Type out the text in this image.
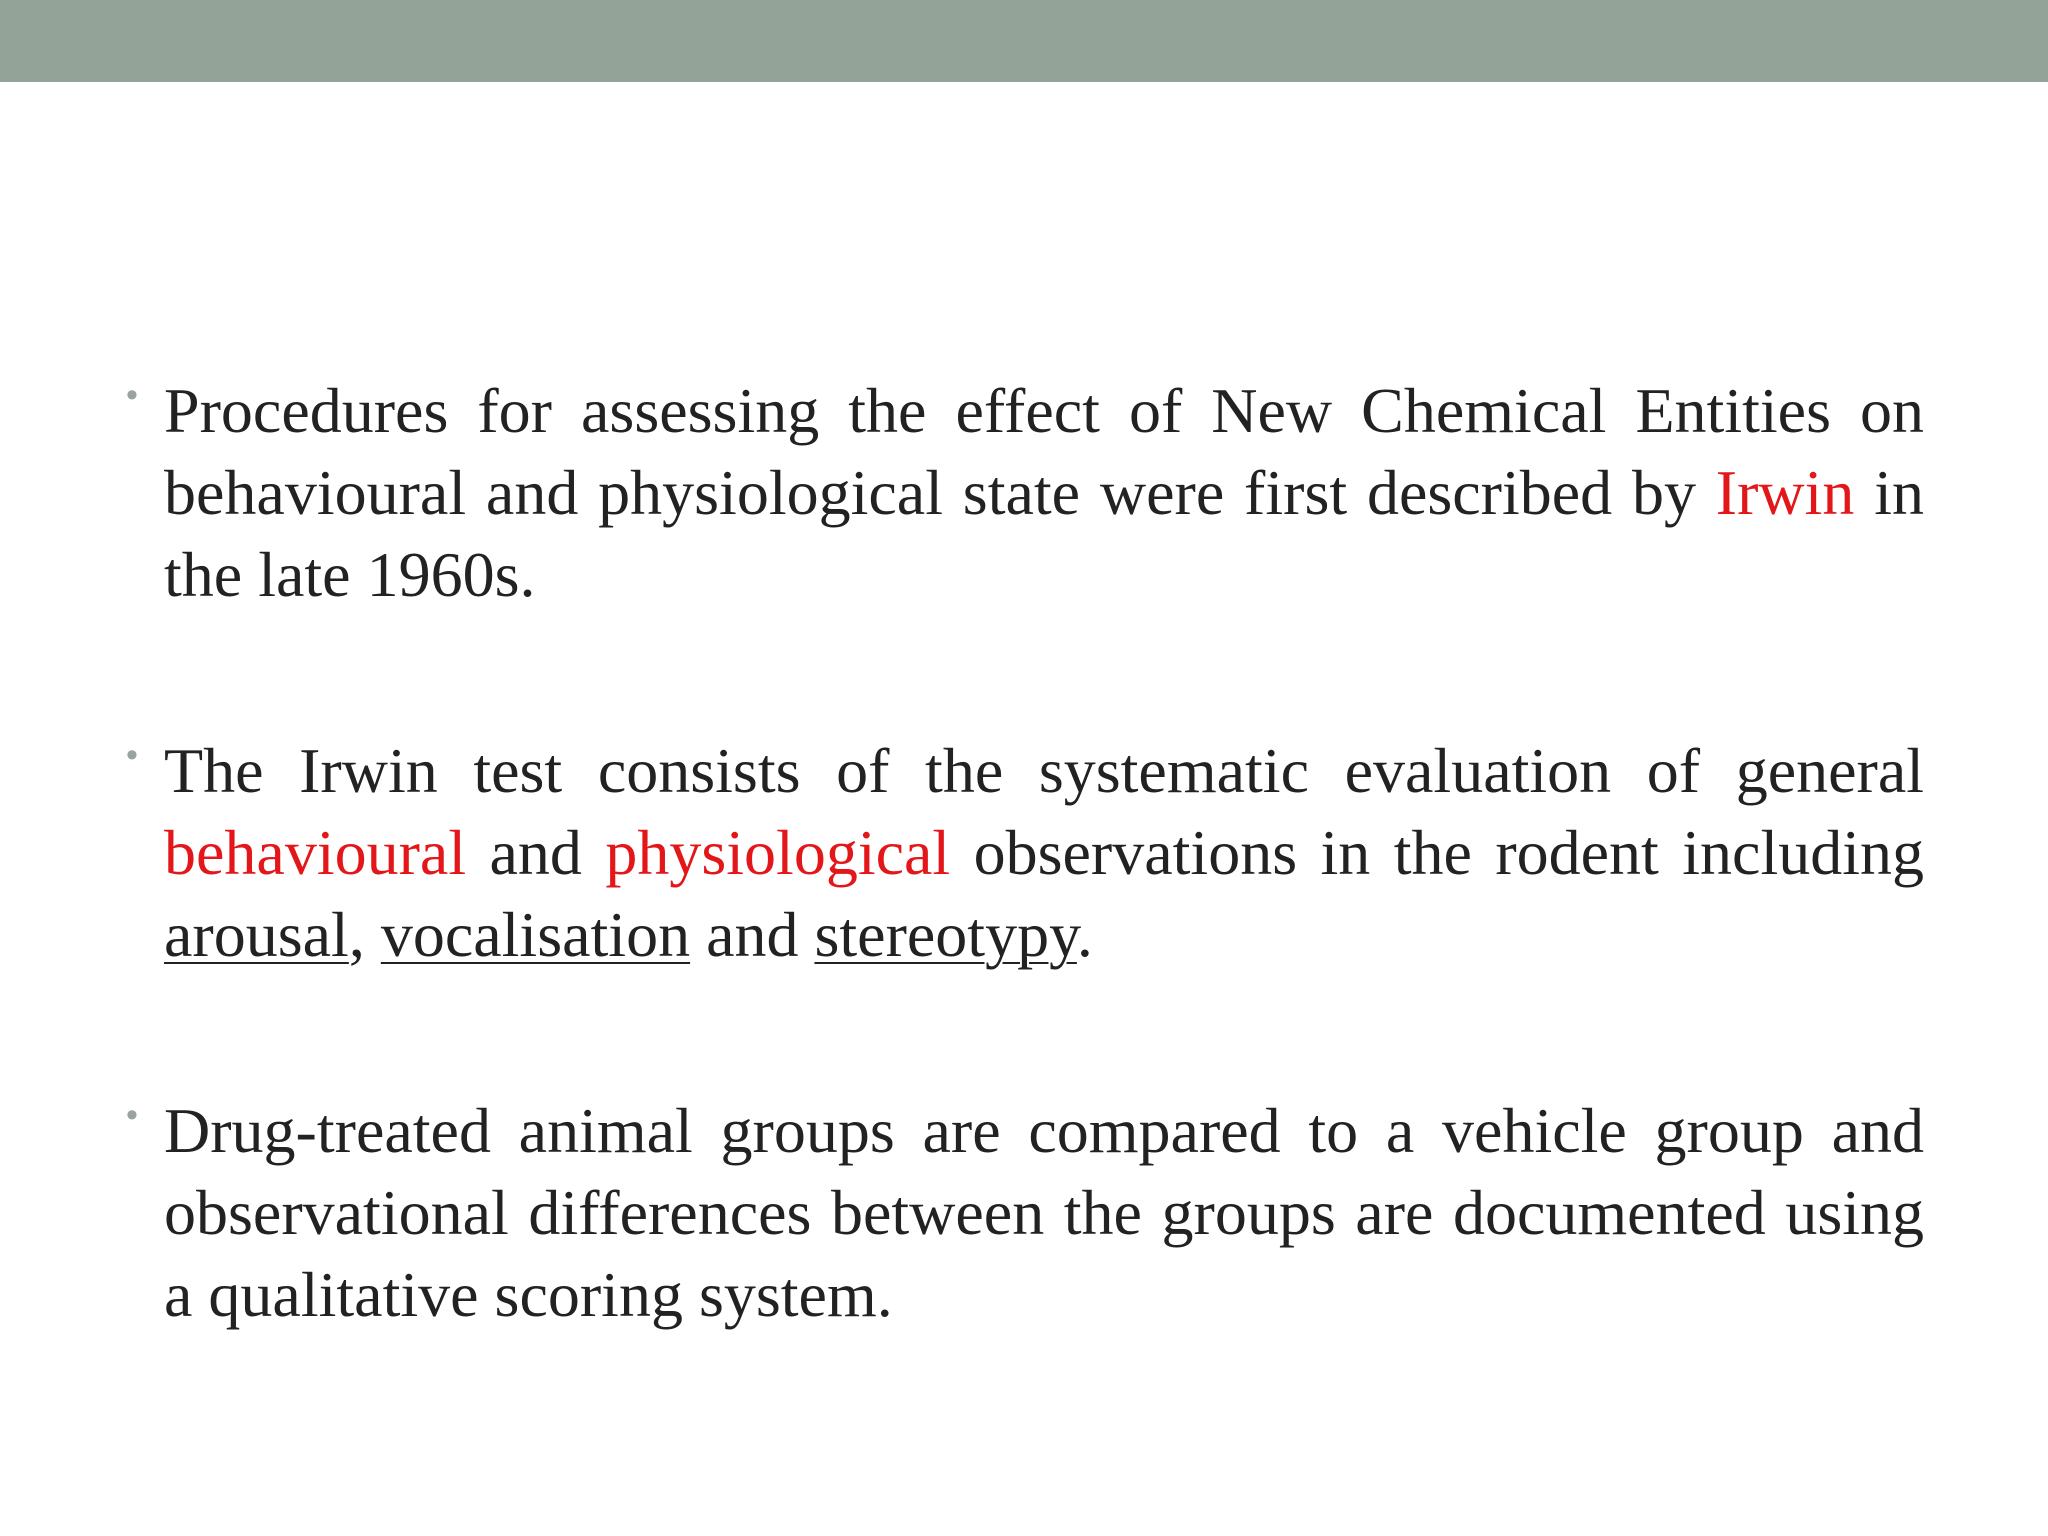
• Procedures for assessing the effect of New Chemical Entities on behavioural and physiological state were first described by Irwin in the late 1960s.
• The Irwin test consists of the systematic evaluation of general behavioural and physiological observations in the rodent including arousal, vocalisation and stereotypy.
• Drug-treated animal groups are compared to a vehicle group and observational differences between the groups are documented using a qualitative scoring system.
